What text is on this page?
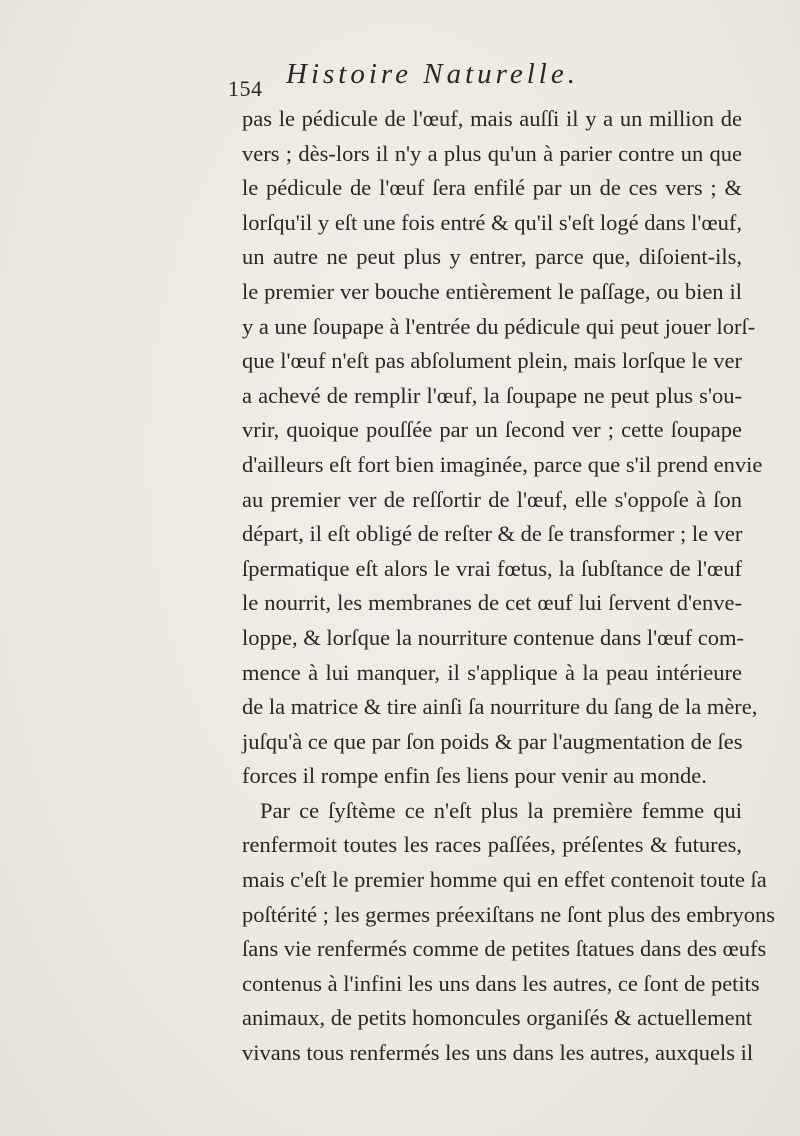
154 Histoire Naturelle.
pas le pédicule de l'œuf, mais auſſi il y a un million de
vers ; dès-lors il n'y a plus qu'un à parier contre un que
le pédicule de l'œuf ſera enfilé par un de ces vers ; &
lorſqu'il y eſt une fois entré & qu'il s'eſt logé dans l'œuf,
un autre ne peut plus y entrer, parce que, diſoient-ils,
le premier ver bouche entièrement le paſſage, ou bien il
y a une ſoupape à l'entrée du pédicule qui peut jouer lorſ-
que l'œuf n'eſt pas abſolument plein, mais lorſque le ver
a achevé de remplir l'œuf, la ſoupape ne peut plus s'ou-
vrir, quoique pouſſée par un ſecond ver ; cette ſoupape
d'ailleurs eſt fort bien imaginée, parce que s'il prend envie
au premier ver de reſſortir de l'œuf, elle s'oppoſe à ſon
départ, il eſt obligé de reſter & de ſe transformer ; le ver
ſpermatique eſt alors le vrai fœtus, la ſubſtance de l'œuf
le nourrit, les membranes de cet œuf lui ſervent d'enve-
loppe, & lorſque la nourriture contenue dans l'œuf com-
mence à lui manquer, il s'applique à la peau intérieure
de la matrice & tire ainſi ſa nourriture du ſang de la mère,
juſqu'à ce que par ſon poids & par l'augmentation de ſes
forces il rompe enfin ſes liens pour venir au monde.
Par ce ſyſtème ce n'eſt plus la première femme qui
renfermoit toutes les races paſſées, préſentes & futures,
mais c'eſt le premier homme qui en effet contenoit toute ſa
poſtérité ; les germes préexiſtans ne ſont plus des embryons
ſans vie renfermés comme de petites ſtatues dans des œufs
contenus à l'infini les uns dans les autres, ce ſont de petits
animaux, de petits homoncules organiſés & actuellement
vivans tous renfermés les uns dans les autres, auxquels il
